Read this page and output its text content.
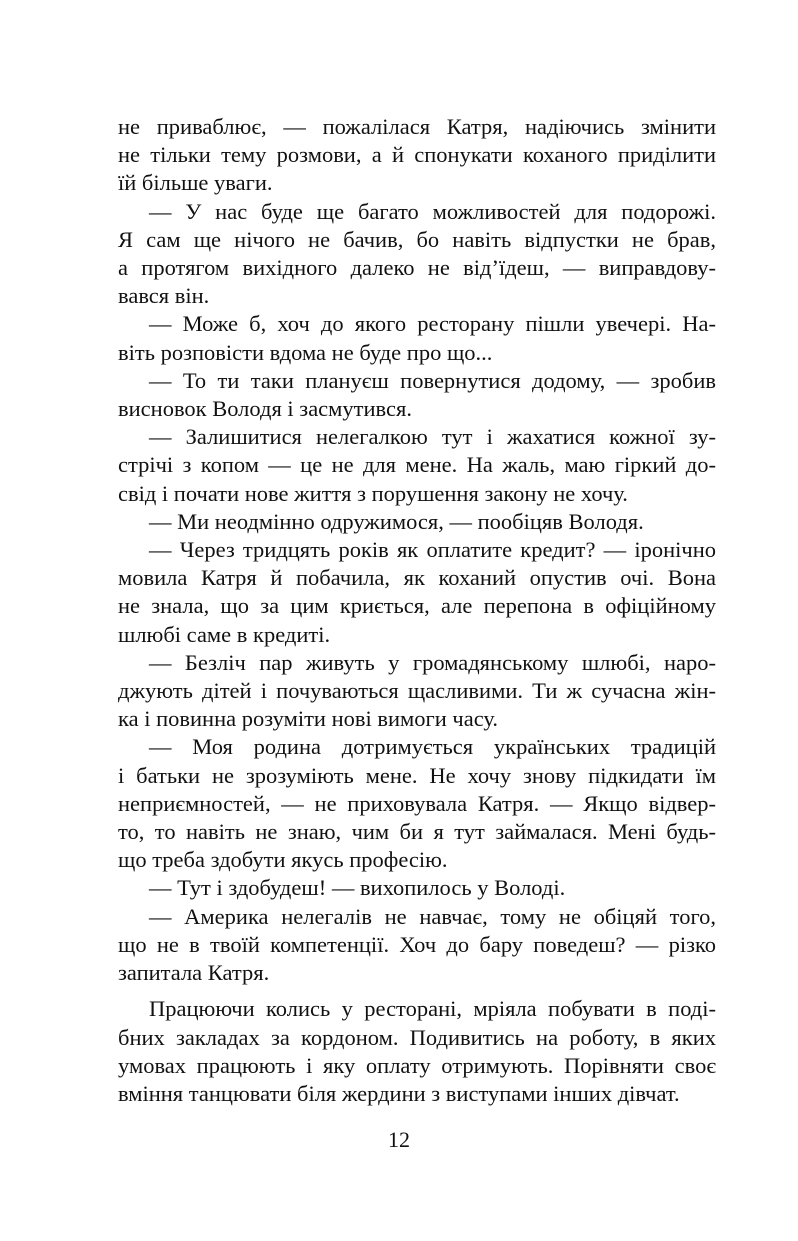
не приваблює, — пожалілася Катря, надіючись змінити

не тільки тему розмови, а й спонукати коханого приділити

їй більше уваги.

— У нас буде ще багато можливостей для подорожі.

Я сам ще нічого не бачив, бо навіть відпустки не брав,

а протягом вихідного далеко не від’їдеш, — виправдову-

вався він.

— Може б, хоч до якого ресторану пішли увечері. На-

віть розповісти вдома не буде про що...

— То ти таки плануєш повернутися додому, — зробив

висновок Володя і засмутився.

— Залишитися нелегалкою тут і жахатися кожної зу-

стрічі з копом — це не для мене. На жаль, маю гіркий до-

свід і почати нове життя з порушення закону не хочу.

— Ми неодмінно одружимося, — пообіцяв Володя.

— Через тридцять років як оплатите кредит? — іронічно

мовила Катря й побачила, як коханий опустив очі. Вона

не знала, що за цим криється, але перепона в офіційному

шлюбі саме в кредиті.

— Безліч пар живуть у громадянському шлюбі, наро-

джують дітей і почуваються щасливими. Ти ж сучасна жін-

ка і повинна розуміти нові вимоги часу.

— Моя родина дотримується українських традицій

і батьки не зрозуміють мене. Не хочу знову підкидати їм

неприємностей, — не приховувала Катря. — Якщо відвер-

то, то навіть не знаю, чим би я тут займалася. Мені будь-

що треба здобути якусь професію.

— Тут і здобудеш! — вихопилось у Володі.

— Америка нелегалів не навчає, тому не обіцяй того,

що не в твоїй компетенції. Хоч до бару поведеш? — різко

запитала Катря.

Працюючи колись у ресторані, мріяла побувати в поді-

бних закладах за кордоном. Подивитись на роботу, в яких

умовах працюють і яку оплату отримують. Порівняти своє

вміння танцювати біля жердини з виступами інших дівчат.

12
